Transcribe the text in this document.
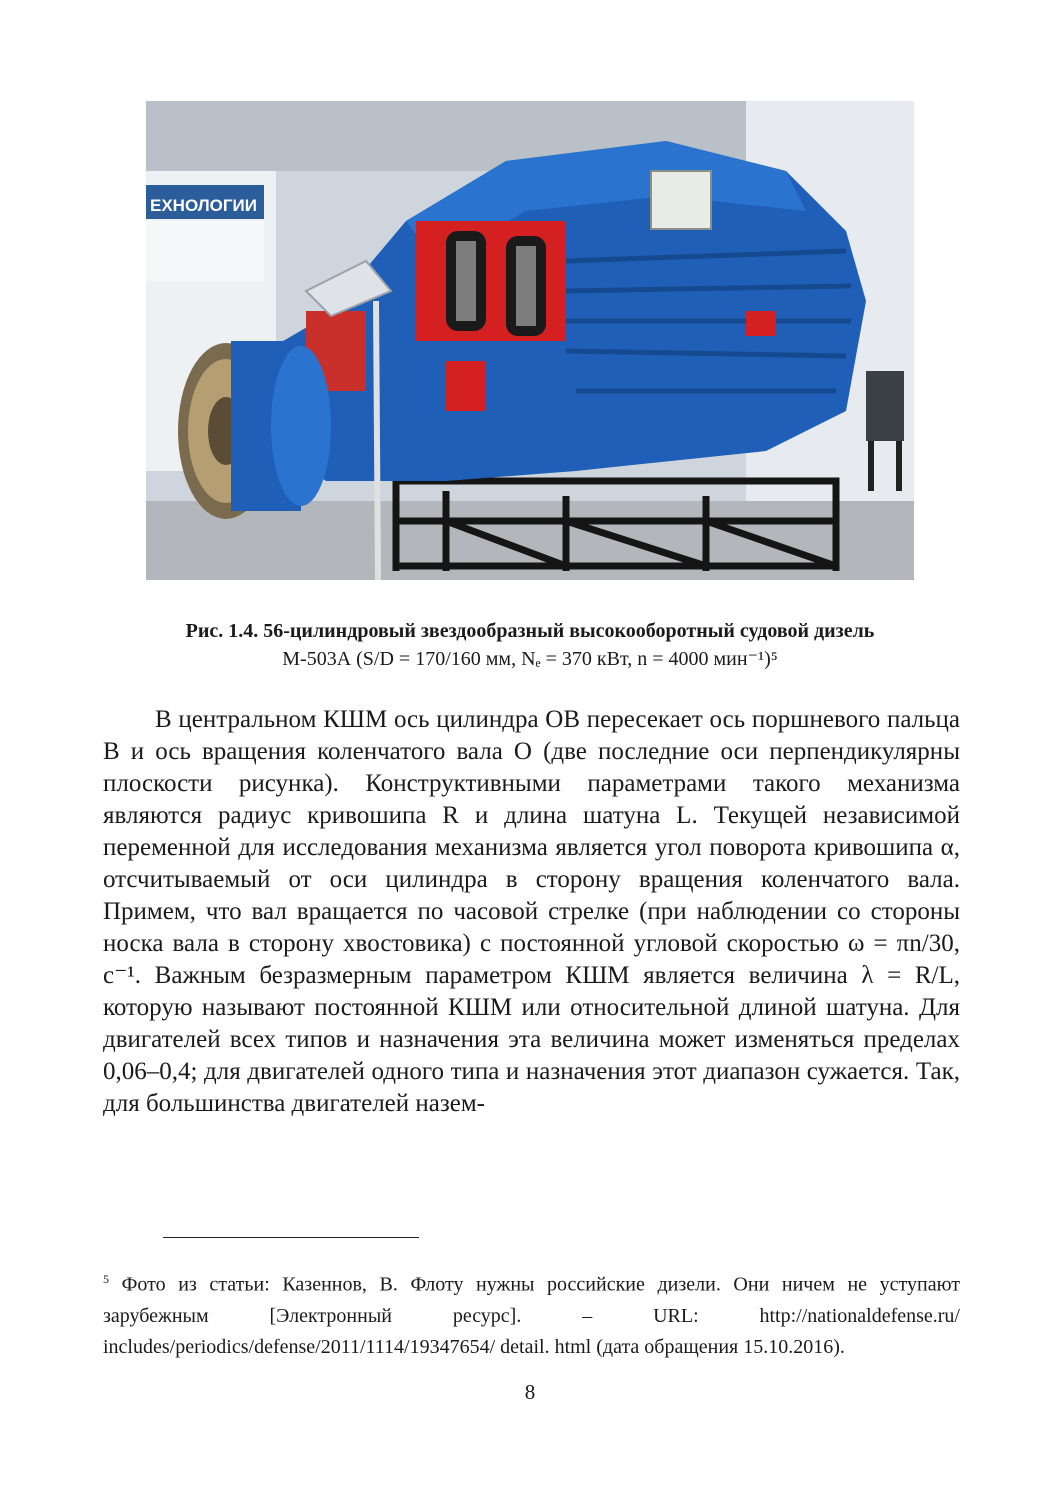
ЕХНОЛОГИИ
Рис. 1.4. 56-цилиндровый звездообразный высокооборотный судовой дизель
М-503А (S/D = 170/160 мм, Nₑ = 370 кВт, n = 4000 мин⁻¹)⁵

В центральном КШМ ось цилиндра OB пересекает ось поршневого пальца B и ось вращения коленчатого вала O (две последние оси перпендикулярны плоскости рисунка). Конструктивными параметрами такого механизма являются радиус кривошипа R и длина шатуна L. Текущей независимой переменной для исследования механизма является угол поворота кривошипа α, отсчитываемый от оси цилиндра в сторону вращения коленчатого вала. Примем, что вал вращается по часовой стрелке (при наблюдении со стороны носка вала в сторону хвостовика) с постоянной угловой скоростью ω = πn/30, с⁻¹. Важным безразмерным параметром КШМ является величина λ = R/L, которую называют постоянной КШМ или относительной длиной шатуна. Для двигателей всех типов и назначения эта величина может изменяться пределах 0,06–0,4; для двигателей одного типа и назначения этот диапазон сужается. Так, для большинства двигателей назем-

$^5$ Фото из статьи: Казеннов, В. Флоту нужны российские дизели. Они ничем не уступают зарубежным [Электронный ресурс]. – URL: http://nationaldefense.ru/ includes/periodics/defense/2011/1114/19347654/ detail. html (дата обращения 15.10.2016).

8
